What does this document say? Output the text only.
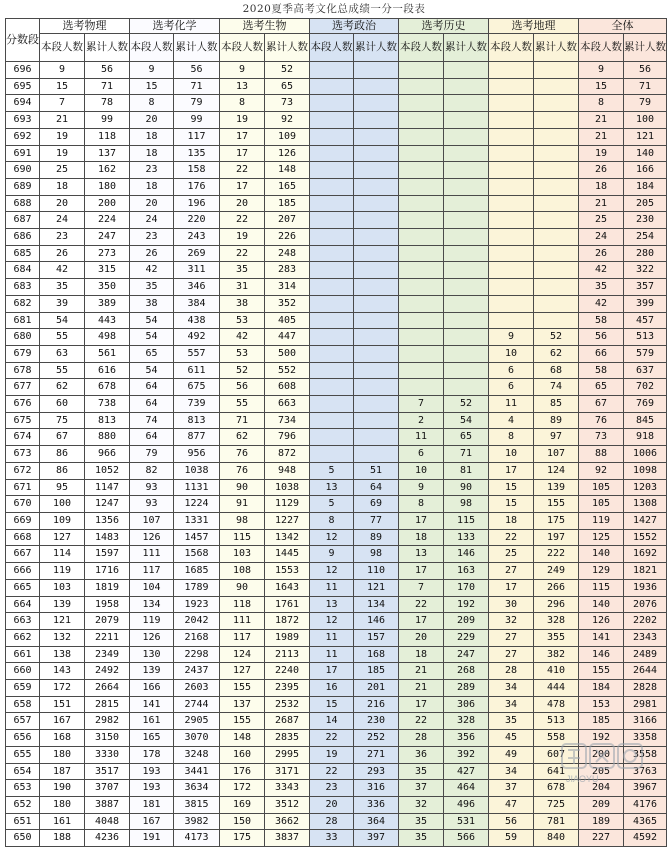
2020夏季高考文化总成绩一分一段表
分数段	选考物理		选考化学		选考生物		选考政治		选考历史		选考地理		全体	
	本段人数	累计人数	本段人数	累计人数	本段人数	累计人数	本段人数	累计人数	本段人数	累计人数	本段人数	累计人数	本段人数	累计人数
696	9	56	9	56	9	52							9	56
695	15	71	15	71	13	65							15	71
694	7	78	8	79	8	73							8	79
693	21	99	20	99	19	92							21	100
692	19	118	18	117	17	109							21	121
691	19	137	18	135	17	126							19	140
690	25	162	23	158	22	148							26	166
689	18	180	18	176	17	165							18	184
688	20	200	20	196	20	185							21	205
687	24	224	24	220	22	207							25	230
686	23	247	23	243	19	226							24	254
685	26	273	26	269	22	248							26	280
684	42	315	42	311	35	283							42	322
683	35	350	35	346	31	314							35	357
682	39	389	38	384	38	352							42	399
681	54	443	54	438	53	405							58	457
680	55	498	54	492	42	447					9	52	56	513
679	63	561	65	557	53	500					10	62	66	579
678	55	616	54	611	52	552					6	68	58	637
677	62	678	64	675	56	608					6	74	65	702
676	60	738	64	739	55	663			7	52	11	85	67	769
675	75	813	74	813	71	734			2	54	4	89	76	845
674	67	880	64	877	62	796			11	65	8	97	73	918
673	86	966	79	956	76	872			6	71	10	107	88	1006
672	86	1052	82	1038	76	948	5	51	10	81	17	124	92	1098
671	95	1147	93	1131	90	1038	13	64	9	90	15	139	105	1203
670	100	1247	93	1224	91	1129	5	69	8	98	15	155	105	1308
669	109	1356	107	1331	98	1227	8	77	17	115	18	175	119	1427
668	127	1483	126	1457	115	1342	12	89	18	133	22	197	125	1552
667	114	1597	111	1568	103	1445	9	98	13	146	25	222	140	1692
666	119	1716	117	1685	108	1553	12	110	17	163	27	249	129	1821
665	103	1819	104	1789	90	1643	11	121	7	170	17	266	115	1936
664	139	1958	134	1923	118	1761	13	134	22	192	30	296	140	2076
663	121	2079	119	2042	111	1872	12	146	17	209	32	328	126	2202
662	132	2211	126	2168	117	1989	11	157	20	229	27	355	141	2343
661	138	2349	130	2298	124	2113	11	168	18	247	27	382	146	2489
660	143	2492	139	2437	127	2240	17	185	21	268	28	410	155	2644
659	172	2664	166	2603	155	2395	16	201	21	289	34	444	184	2828
658	151	2815	141	2744	137	2532	15	216	17	306	34	478	153	2981
657	167	2982	161	2905	155	2687	14	230	22	328	35	513	185	3166
656	168	3150	165	3070	148	2835	22	252	28	356	45	558	192	3358
655	180	3330	178	3248	160	2995	19	271	36	392	49	607	200	3558
654	187	3517	193	3441	176	3171	22	293	35	427	34	641	205	3763
653	190	3707	193	3634	172	3343	23	316	37	464	37	678	204	3967
652	180	3887	181	3815	169	3512	20	336	32	496	47	725	209	4176
651	161	4048	167	3982	150	3662	28	364	35	531	56	781	189	4365
650	188	4236	191	4173	175	3837	33	397	35	566	59	840	227	4592
JIAOYU
